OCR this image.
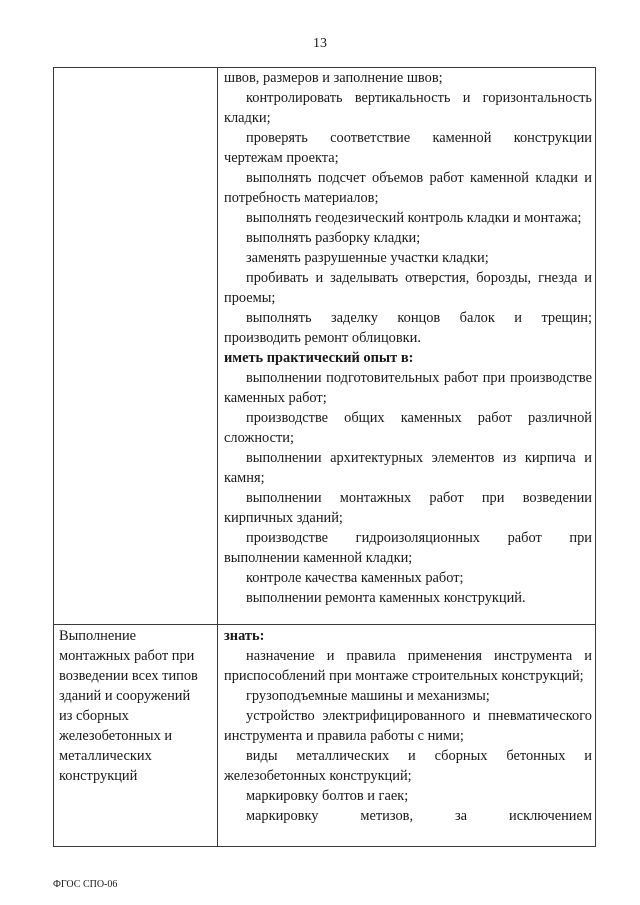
13

швов, размеров и заполнение швов;

контролировать вертикальность и горизонтальность кладки;

проверять соответствие каменной конструкции чертежам проекта;

выполнять подсчет объемов работ каменной кладки и потребность материалов;

выполнять геодезический контроль кладки и монтажа;

выполнять разборку кладки;

заменять разрушенные участки кладки;

пробивать и заделывать отверстия, борозды, гнезда и проемы;

выполнять заделку концов балок и трещин; производить ремонт облицовки.

иметь практический опыт в:

выполнении подготовительных работ при производстве каменных работ;

производстве общих каменных работ различной сложности;

выполнении архитектурных элементов из кирпича и камня;

выполнении монтажных работ при возведении кирпичных зданий;

производстве гидроизоляционных работ при выполнении каменной кладки;

контроле качества каменных работ;

выполнении ремонта каменных конструкций.

Выполнение
монтажных работ при
возведении всех типов
зданий и сооружений
из сборных
железобетонных и
металлических
конструкций

знать:

назначение и правила применения инструмента и приспособлений при монтаже строительных конструкций;

грузоподъемные машины и механизмы;

устройство электрифицированного и пневматического инструмента и правила работы с ними;

виды металлических и сборных бетонных и железобетонных конструкций;

маркировку болтов и гаек;

маркировку метизов, за исключением

ФГОС СПО-06
